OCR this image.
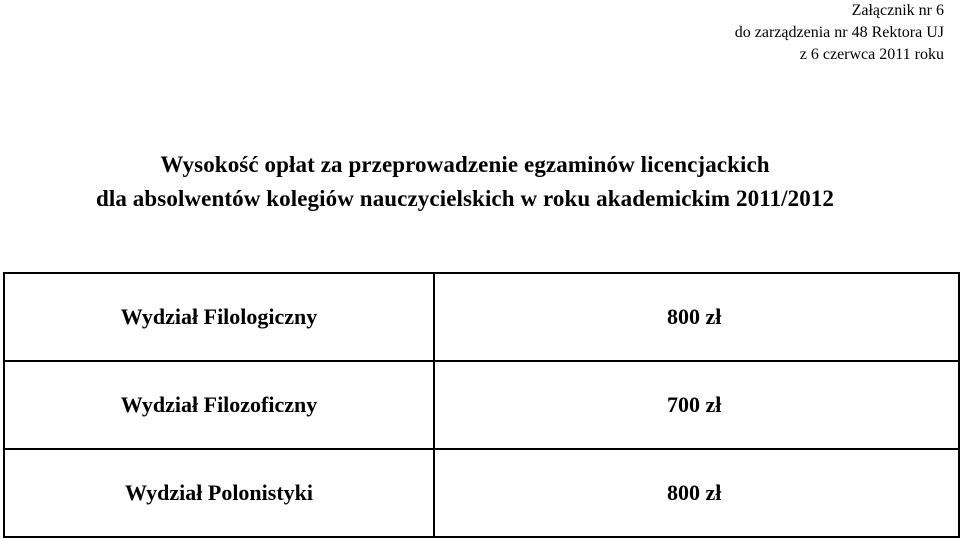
Załącznik nr 6
do zarządzenia nr 48 Rektora UJ
z 6 czerwca 2011 roku
Wysokość opłat za przeprowadzenie egzaminów licencjackich
dla absolwentów kolegiów nauczycielskich w roku akademickim 2011/2012
Wydział Filologiczny	800 zł
Wydział Filozoficzny	700 zł
Wydział Polonistyki	800 zł
